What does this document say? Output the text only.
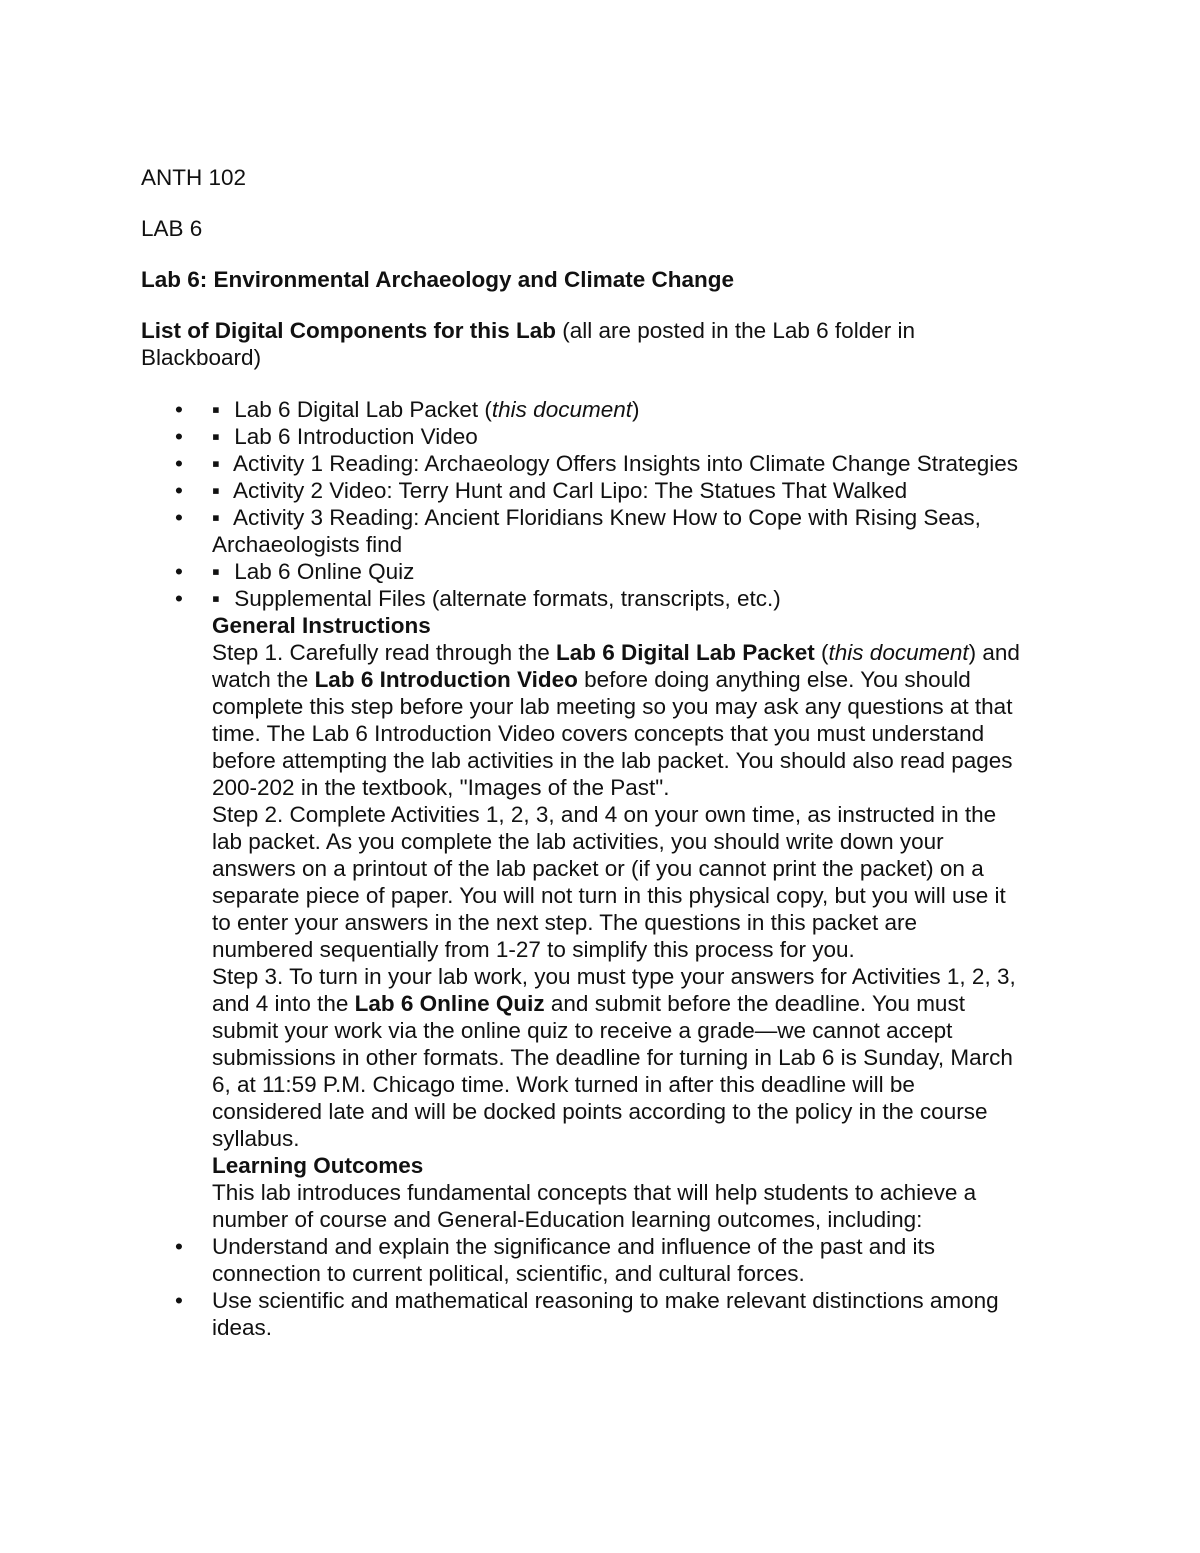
ANTH 102

LAB 6

Lab 6: Environmental Archaeology and Climate Change

List of Digital Components for this Lab (all are posted in the Lab 6 folder in
Blackboard)

• ▪ Lab 6 Digital Lab Packet (this document)
• ▪ Lab 6 Introduction Video
• ▪ Activity 1 Reading: Archaeology Offers Insights into Climate Change Strategies
• ▪ Activity 2 Video: Terry Hunt and Carl Lipo: The Statues That Walked
• ▪ Activity 3 Reading: Ancient Floridians Knew How to Cope with Rising Seas,
Archaeologists find
• ▪ Lab 6 Online Quiz
• ▪ Supplemental Files (alternate formats, transcripts, etc.)

General Instructions

Step 1. Carefully read through the Lab 6 Digital Lab Packet (this document) and

watch the Lab 6 Introduction Video before doing anything else. You should

complete this step before your lab meeting so you may ask any questions at that

time. The Lab 6 Introduction Video covers concepts that you must understand

before attempting the lab activities in the lab packet. You should also read pages

200-202 in the textbook, "Images of the Past".

Step 2. Complete Activities 1, 2, 3, and 4 on your own time, as instructed in the

lab packet. As you complete the lab activities, you should write down your

answers on a printout of the lab packet or (if you cannot print the packet) on a

separate piece of paper. You will not turn in this physical copy, but you will use it

to enter your answers in the next step. The questions in this packet are

numbered sequentially from 1-27 to simplify this process for you.

Step 3. To turn in your lab work, you must type your answers for Activities 1, 2, 3,

and 4 into the Lab 6 Online Quiz and submit before the deadline. You must

submit your work via the online quiz to receive a grade—we cannot accept

submissions in other formats. The deadline for turning in Lab 6 is Sunday, March

6, at 11:59 P.M. Chicago time. Work turned in after this deadline will be

considered late and will be docked points according to the policy in the course

syllabus.

Learning Outcomes

This lab introduces fundamental concepts that will help students to achieve a

number of course and General-Education learning outcomes, including:

• Understand and explain the significance and influence of the past and its
connection to current political, scientific, and cultural forces.
• Use scientific and mathematical reasoning to make relevant distinctions among
ideas.
